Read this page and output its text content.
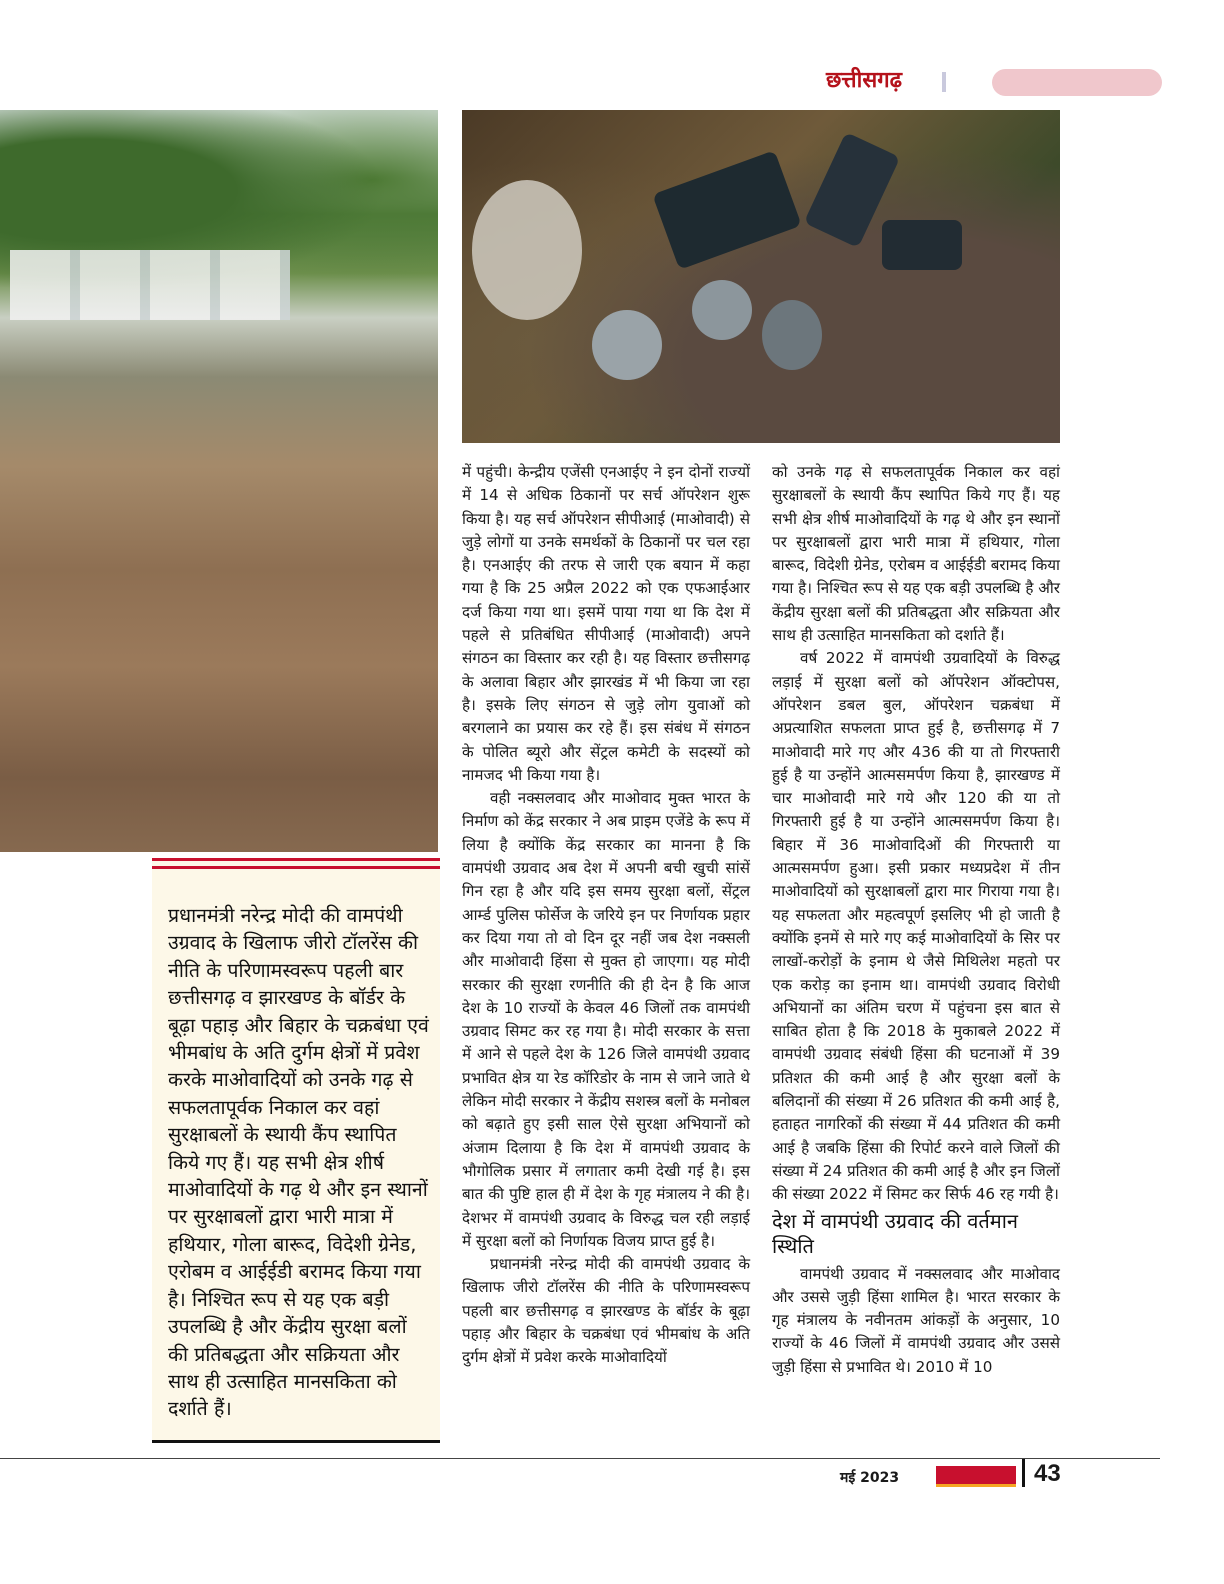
छत्तीसगढ़
प्रधानमंत्री नरेन्द्र मोदी की वामपंथी उग्रवाद के खिलाफ जीरो टॉलरेंस की नीति के परिणामस्वरूप पहली बार छत्तीसगढ़ व झारखण्ड के बॉर्डर के बूढ़ा पहाड़ और बिहार के चक्रबंधा एवं भीमबांध के अति दुर्गम क्षेत्रों में प्रवेश करके माओवादियों को उनके गढ़ से सफलतापूर्वक निकाल कर वहां सुरक्षाबलों के स्थायी कैंप स्थापित किये गए हैं। यह सभी क्षेत्र शीर्ष माओवादियों के गढ़ थे और इन स्थानों पर सुरक्षाबलों द्वारा भारी मात्रा में हथियार, गोला बारूद, विदेशी ग्रेनेड, एरोबम व आईईडी बरामद किया गया है। निश्चित रूप से यह एक बड़ी उपलब्धि है और केंद्रीय सुरक्षा बलों की प्रतिबद्धता और सक्रियता और साथ ही उत्साहित मानसकिता को दर्शाते हैं।

में पहुंची। केन्द्रीय एजेंसी एनआईए ने इन दोनों राज्यों में 14 से अधिक ठिकानों पर सर्च ऑपरेशन शुरू किया है। यह सर्च ऑपरेशन सीपीआई (माओवादी) से जुड़े लोगों या उनके समर्थकों के ठिकानों पर चल रहा है। एनआईए की तरफ से जारी एक बयान में कहा गया है कि 25 अप्रैल 2022 को एक एफआईआर दर्ज किया गया था। इसमें पाया गया था कि देश में पहले से प्रतिबंधित सीपीआई (माओवादी) अपने संगठन का विस्तार कर रही है। यह विस्तार छत्तीसगढ़ के अलावा बिहार और झारखंड में भी किया जा रहा है। इसके लिए संगठन से जुड़े लोग युवाओं को बरगलाने का प्रयास कर रहे हैं। इस संबंध में संगठन के पोलित ब्यूरो और सेंट्रल कमेटी के सदस्यों को नामजद भी किया गया है।

वही नक्सलवाद और माओवाद मुक्त भारत के निर्माण को केंद्र सरकार ने अब प्राइम एजेंडे के रूप में लिया है क्योंकि केंद्र सरकार का मानना है कि वामपंथी उग्रवाद अब देश में अपनी बची खुची सांसें गिन रहा है और यदि इस समय सुरक्षा बलों, सेंट्रल आर्म्ड पुलिस फोर्सेज के जरिये इन पर निर्णायक प्रहार कर दिया गया तो वो दिन दूर नहीं जब देश नक्सली और माओवादी हिंसा से मुक्त हो जाएगा। यह मोदी सरकार की सुरक्षा रणनीति की ही देन है कि आज देश के 10 राज्यों के केवल 46 जिलों तक वामपंथी उग्रवाद सिमट कर रह गया है। मोदी सरकार के सत्ता में आने से पहले देश के 126 जिले वामपंथी उग्रवाद प्रभावित क्षेत्र या रेड कॉरिडोर के नाम से जाने जाते थे लेकिन मोदी सरकार ने केंद्रीय सशस्त्र बलों के मनोबल को बढ़ाते हुए इसी साल ऐसे सुरक्षा अभियानों को अंजाम दिलाया है कि देश में वामपंथी उग्रवाद के भौगोलिक प्रसार में लगातार कमी देखी गई है। इस बात की पुष्टि हाल ही में देश के गृह मंत्रालय ने की है। देशभर में वामपंथी उग्रवाद के विरुद्ध चल रही लड़ाई में सुरक्षा बलों को निर्णायक विजय प्राप्त हुई है।

प्रधानमंत्री नरेन्द्र मोदी की वामपंथी उग्रवाद के खिलाफ जीरो टॉलरेंस की नीति के परिणामस्वरूप पहली बार छत्तीसगढ़ व झारखण्ड के बॉर्डर के बूढ़ा पहाड़ और बिहार के चक्रबंधा एवं भीमबांध के अति दुर्गम क्षेत्रों में प्रवेश करके माओवादियों

को उनके गढ़ से सफलतापूर्वक निकाल कर वहां सुरक्षाबलों के स्थायी कैंप स्थापित किये गए हैं। यह सभी क्षेत्र शीर्ष माओवादियों के गढ़ थे और इन स्थानों पर सुरक्षाबलों द्वारा भारी मात्रा में हथियार, गोला बारूद, विदेशी ग्रेनेड, एरोबम व आईईडी बरामद किया गया है। निश्चित रूप से यह एक बड़ी उपलब्धि है और केंद्रीय सुरक्षा बलों की प्रतिबद्धता और सक्रियता और साथ ही उत्साहित मानसकिता को दर्शाते हैं।

वर्ष 2022 में वामपंथी उग्रवादियों के विरुद्ध लड़ाई में सुरक्षा बलों को ऑपरेशन ऑक्टोपस, ऑपरेशन डबल बुल, ऑपरेशन चक्रबंधा में अप्रत्याशित सफलता प्राप्त हुई है, छत्तीसगढ़ में 7 माओवादी मारे गए और 436 की या तो गिरफ्तारी हुई है या उन्होंने आत्मसमर्पण किया है, झारखण्ड में चार माओवादी मारे गये और 120 की या तो गिरफ्तारी हुई है या उन्होंने आत्मसमर्पण किया है। बिहार में 36 माओवादिओं की गिरफ्तारी या आत्मसमर्पण हुआ। इसी प्रकार मध्यप्रदेश में तीन माओवादियों को सुरक्षाबलों द्वारा मार गिराया गया है। यह सफलता और महत्वपूर्ण इसलिए भी हो जाती है क्योंकि इनमें से मारे गए कई माओवादियों के सिर पर लाखों-करोड़ों के इनाम थे जैसे मिथिलेश महतो पर एक करोड़ का इनाम था। वामपंथी उग्रवाद विरोधी अभियानों का अंतिम चरण में पहुंचना इस बात से साबित होता है कि 2018 के मुकाबले 2022 में वामपंथी उग्रवाद संबंधी हिंसा की घटनाओं में 39 प्रतिशत की कमी आई है और सुरक्षा बलों के बलिदानों की संख्या में 26 प्रतिशत की कमी आई है, हताहत नागरिकों की संख्या में 44 प्रतिशत की कमी आई है जबकि हिंसा की रिपोर्ट करने वाले जिलों की संख्या में 24 प्रतिशत की कमी आई है और इन जिलों की संख्या 2022 में सिमट कर सिर्फ 46 रह गयी है।

देश में वामपंथी उग्रवाद की वर्तमान स्थिति

वामपंथी उग्रवाद में नक्सलवाद और माओवाद और उससे जुड़ी हिंसा शामिल है। भारत सरकार के गृह मंत्रालय के नवीनतम आंकड़ों के अनुसार, 10 राज्यों के 46 जिलों में वामपंथी उग्रवाद और उससे जुड़ी हिंसा से प्रभावित थे। 2010 में 10

मई 2023	43
